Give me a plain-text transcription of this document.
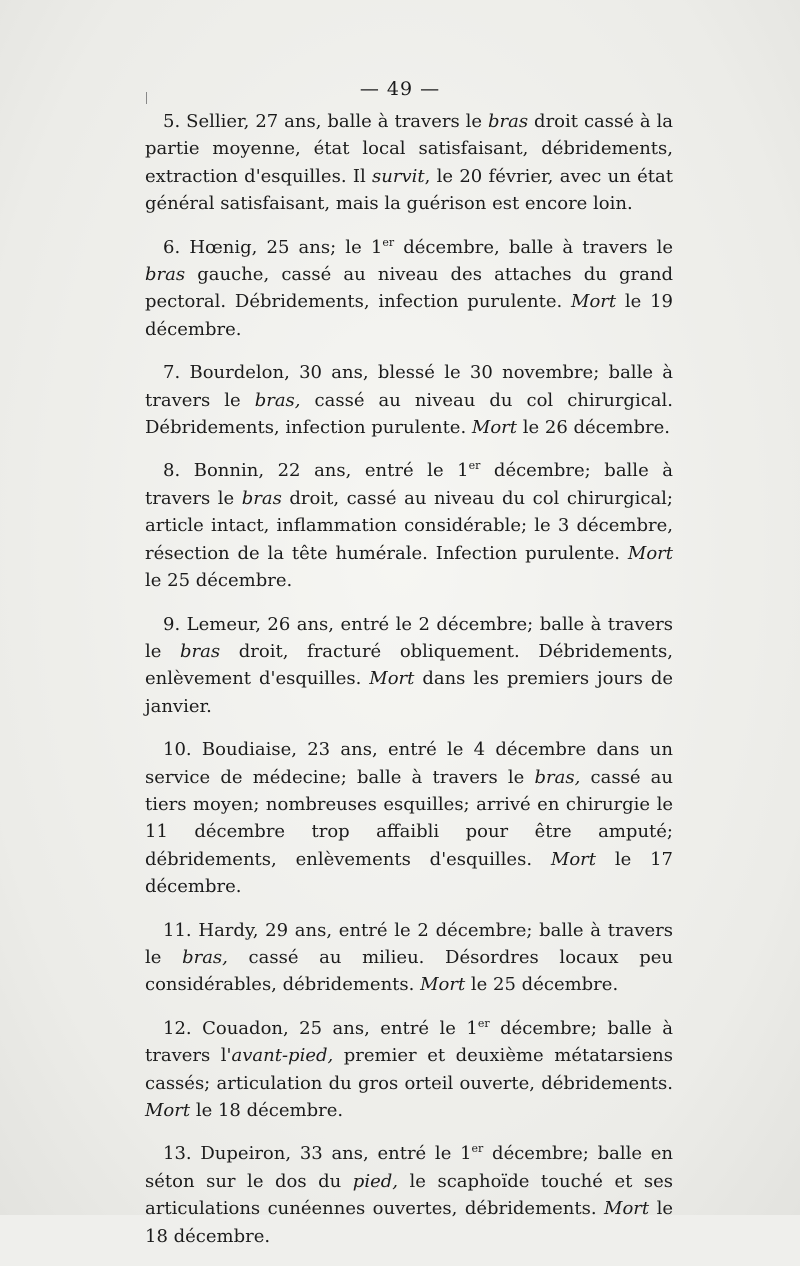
— 49 —

5. Sellier, 27 ans, balle à travers le bras droit cassé à la partie moyenne, état local satisfaisant, débridements, extraction d'esquilles. Il survit, le 20 février, avec un état général satisfaisant, mais la guérison est encore loin.

6. Hœnig, 25 ans; le 1er décembre, balle à travers le bras gauche, cassé au niveau des attaches du grand pectoral. Débridements, infection purulente. Mort le 19 décembre.

7. Bourdelon, 30 ans, blessé le 30 novembre; balle à travers le bras, cassé au niveau du col chirurgical. Débridements, infection purulente. Mort le 26 décembre.

8. Bonnin, 22 ans, entré le 1er décembre; balle à travers le bras droit, cassé au niveau du col chirurgical; article intact, inflammation considérable; le 3 décembre, résection de la tête humérale. Infection purulente. Mort le 25 décembre.

9. Lemeur, 26 ans, entré le 2 décembre; balle à travers le bras droit, fracturé obliquement. Débridements, enlèvement d'esquilles. Mort dans les premiers jours de janvier.

10. Boudiaise, 23 ans, entré le 4 décembre dans un service de médecine; balle à travers le bras, cassé au tiers moyen; nombreuses esquilles; arrivé en chirurgie le 11 décembre trop affaibli pour être amputé; débridements, enlèvements d'esquilles. Mort le 17 décembre.

11. Hardy, 29 ans, entré le 2 décembre; balle à travers le bras, cassé au milieu. Désordres locaux peu considérables, débridements. Mort le 25 décembre.

12. Couadon, 25 ans, entré le 1er décembre; balle à travers l'avant-pied, premier et deuxième métatarsiens cassés; articulation du gros orteil ouverte, débridements. Mort le 18 décembre.

13. Dupeiron, 33 ans, entré le 1er décembre; balle en séton sur le dos du pied, le scaphoïde touché et ses articulations cunéennes ouvertes, débridements. Mort le 18 décembre.
